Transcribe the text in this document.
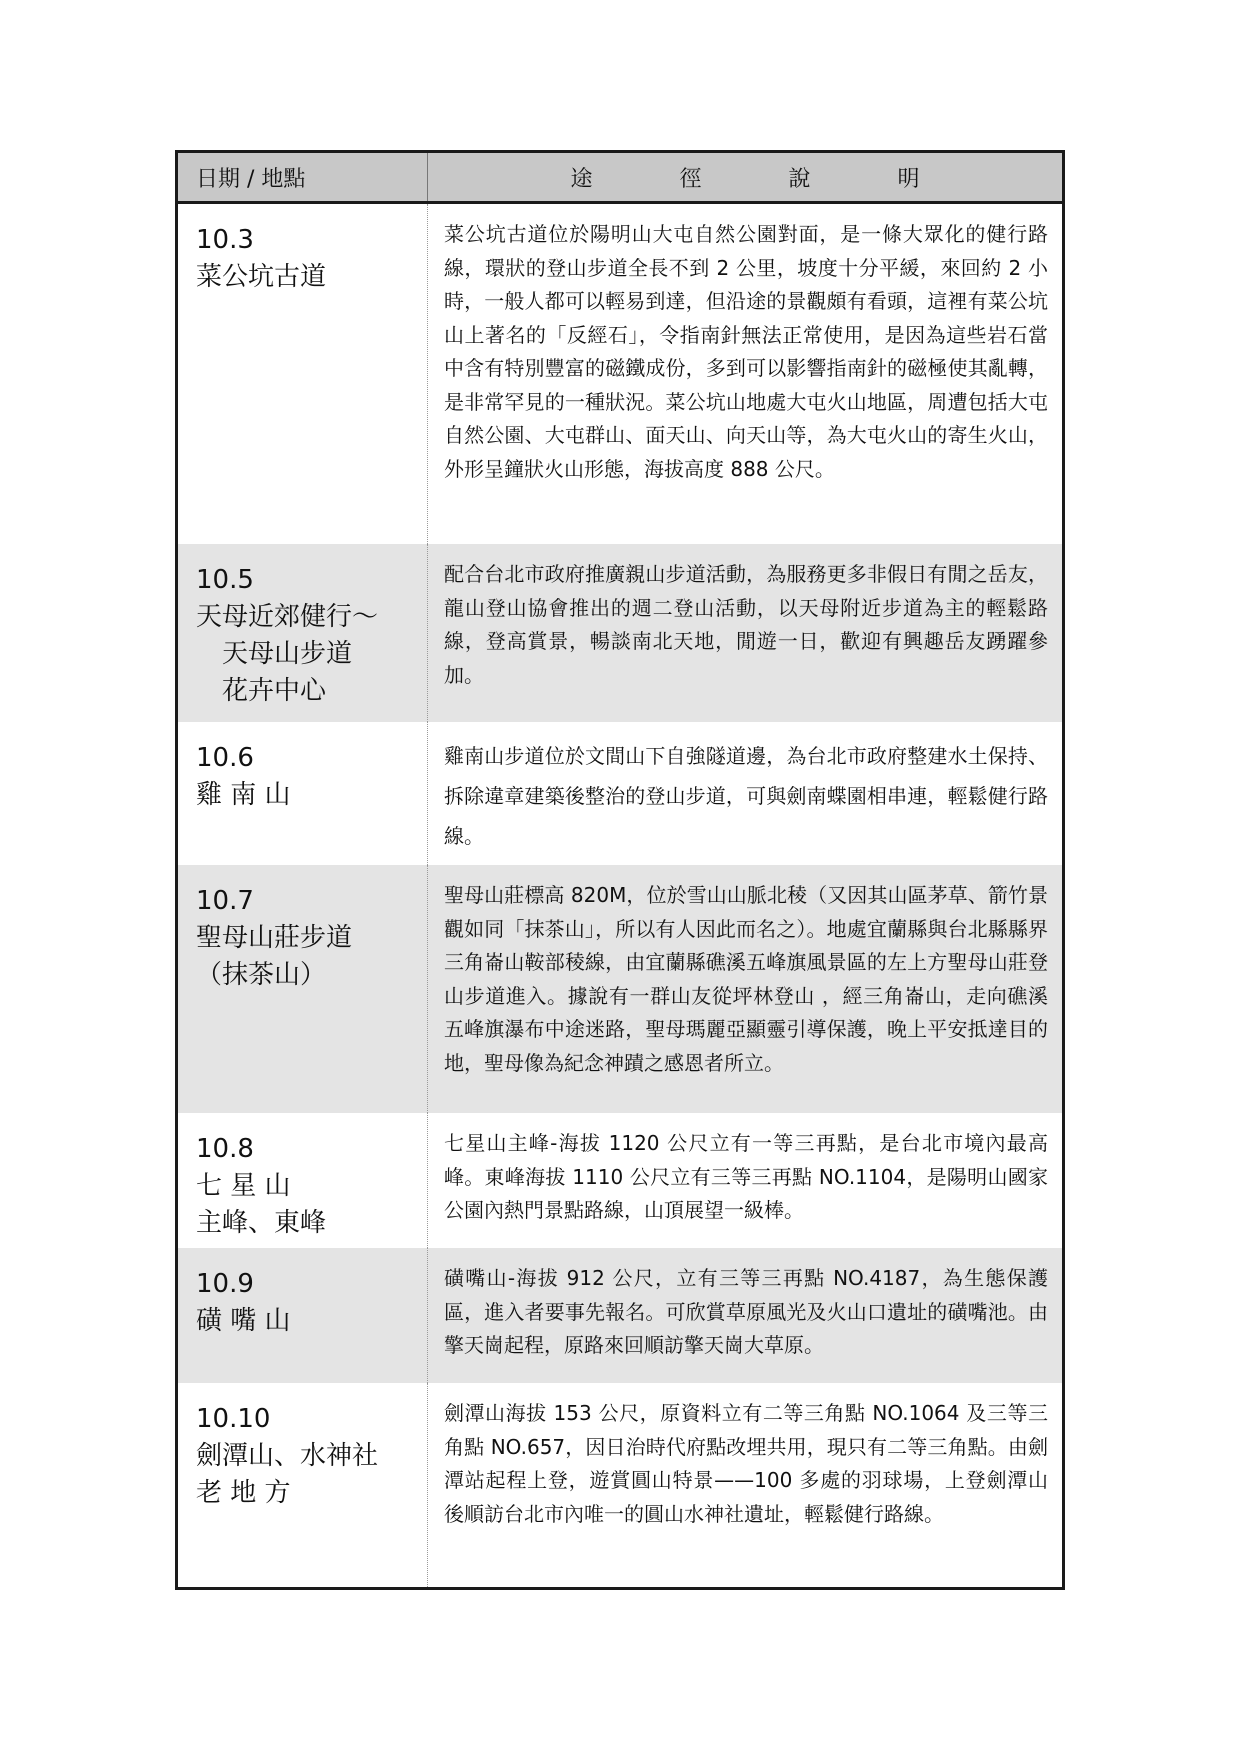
日期 / 地點	途 徑 說 明
10.3
菜公坑古道
菜公坑古道位於陽明山大屯自然公園對面，是一條大眾化的健行路線，環狀的登山步道全長不到 2 公里，坡度十分平緩，來回約 2 小時，一般人都可以輕易到達，但沿途的景觀頗有看頭，這裡有菜公坑山上著名的「反經石」，令指南針無法正常使用，是因為這些岩石當中含有特別豐富的磁鐵成份，多到可以影響指南針的磁極使其亂轉，是非常罕見的一種狀況。菜公坑山地處大屯火山地區，周遭包括大屯自然公園、大屯群山、面天山、向天山等，為大屯火山的寄生火山，外形呈鐘狀火山形態，海拔高度 888 公尺。
10.5
天母近郊健行～
天母山步道
花卉中心
配合台北市政府推廣親山步道活動，為服務更多非假日有閒之岳友，龍山登山協會推出的週二登山活動，以天母附近步道為主的輕鬆路線，登高賞景，暢談南北天地，閒遊一日，歡迎有興趣岳友踴躍參加。
10.6
雞 南 山
雞南山步道位於文間山下自強隧道邊，為台北市政府整建水土保持、拆除違章建築後整治的登山步道，可與劍南蝶園相串連，輕鬆健行路線。
10.7
聖母山莊步道
（抹茶山）
聖母山莊標高 820M，位於雪山山脈北稜（又因其山區茅草、箭竹景觀如同「抹茶山」，所以有人因此而名之）。地處宜蘭縣與台北縣縣界三角崙山鞍部稜線，由宜蘭縣礁溪五峰旗風景區的左上方聖母山莊登山步道進入。據說有一群山友從坪林登山 ，經三角崙山，走向礁溪五峰旗瀑布中途迷路，聖母瑪麗亞顯靈引導保護，晚上平安抵達目的地，聖母像為紀念神蹟之感恩者所立。
10.8
七 星 山
主峰、東峰
七星山主峰-海拔 1120 公尺立有一等三再點，是台北市境內最高峰。東峰海拔 1110 公尺立有三等三再點 NO.1104，是陽明山國家公園內熱門景點路線，山頂展望一級棒。
10.9
磺 嘴 山
磺嘴山-海拔 912 公尺，立有三等三再點 NO.4187，為生態保護區，進入者要事先報名。可欣賞草原風光及火山口遺址的磺嘴池。由擎天崗起程，原路來回順訪擎天崗大草原。
10.10
劍潭山、水神社
老 地 方
劍潭山海拔 153 公尺，原資料立有二等三角點 NO.1064 及三等三角點 NO.657，因日治時代府點改埋共用，現只有二等三角點。由劍潭站起程上登，遊賞圓山特景——100 多處的羽球場，上登劍潭山後順訪台北市內唯一的圓山水神社遺址，輕鬆健行路線。
